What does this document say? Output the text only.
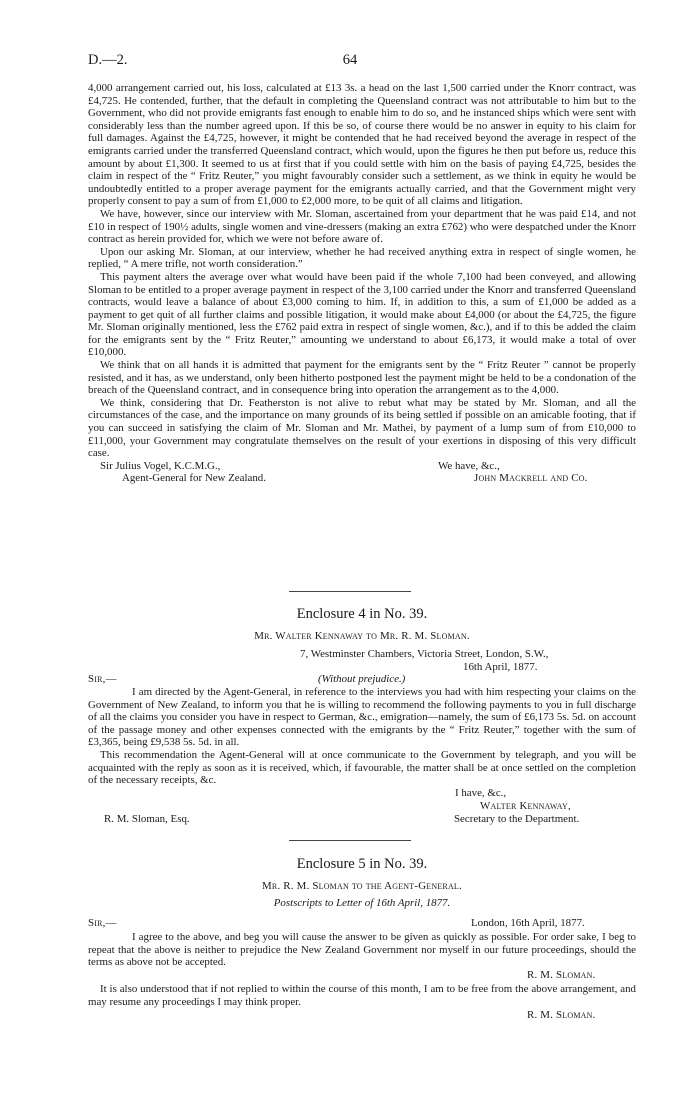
D.—2.	64

4,000 arrangement carried out, his loss, calculated at £13 3s. a head on the last 1,500 carried under the Knorr contract, was £4,725. He contended, further, that the default in completing the Queensland contract was not attributable to him but to the Government, who did not provide emigrants fast enough to enable him to do so, and he instanced ships which were sent with considerably less than the number agreed upon. If this be so, of course there would be no answer in equity to his claim for full damages. Against the £4,725, however, it might be contended that he had received beyond the average in respect of the emigrants carried under the transferred Queensland contract, which would, upon the figures he then put before us, reduce this amount by about £1,300. It seemed to us at first that if you could settle with him on the basis of paying £4,725, besides the claim in respect of the “ Fritz Reuter,” you might favourably consider such a settlement, as we think in equity he would be undoubtedly entitled to a proper average payment for the emigrants actually carried, and that the Government might very properly consent to pay a sum of from £1,000 to £2,000 more, to be quit of all claims and litigation.

We have, however, since our interview with Mr. Sloman, ascertained from your department that he was paid £14, and not £10 in respect of 190½ adults, single women and vine-dressers (making an extra £762) who were despatched under the Knorr contract as herein provided for, which we were not before aware of.

Upon our asking Mr. Sloman, at our interview, whether he had received anything extra in respect of single women, he replied, “ A mere trifle, not worth consideration.”

This payment alters the average over what would have been paid if the whole 7,100 had been conveyed, and allowing Sloman to be entitled to a proper average payment in respect of the 3,100 carried under the Knorr and transferred Queensland contracts, would leave a balance of about £3,000 coming to him. If, in addition to this, a sum of £1,000 be added as a payment to get quit of all further claims and possible litigation, it would make about £4,000 (or about the £4,725, the figure Mr. Sloman originally mentioned, less the £762 paid extra in respect of single women, &c.), and if to this be added the claim for the emigrants sent by the “ Fritz Reuter,” amounting we understand to about £6,173, it would make a total of over £10,000.

We think that on all hands it is admitted that payment for the emigrants sent by the “ Fritz Reuter ” cannot be properly resisted, and it has, as we understand, only been hitherto postponed lest the payment might be held to be a condonation of the breach of the Queensland contract, and in consequence bring into operation the arrangement as to the 4,000.

We think, considering that Dr. Featherston is not alive to rebut what may be stated by Mr. Sloman, and all the circumstances of the case, and the importance on many grounds of its being settled if possible on an amicable footing, that if you can succeed in satisfying the claim of Mr. Sloman and Mr. Mathei, by payment of a lump sum of from £10,000 to £11,000, your Government may congratulate themselves on the result of your exertions in disposing of this very difficult case.

Sir Julius Vogel, K.C.M.G.,
Agent-General for New Zealand.
We have, &c.,
John Mackrell and Co.
Enclosure 4 in No. 39.
Mr. Walter Kennaway to Mr. R. M. Sloman.
7, Westminster Chambers, Victoria Street, London, S.W.,
16th April, 1877.
Sir,—	(Without prejudice.)

I am directed by the Agent-General, in reference to the interviews you had with him respecting your claims on the Government of New Zealand, to inform you that he is willing to recommend the following payments to you in full discharge of all the claims you consider you have in respect to German, &c., emigration—namely, the sum of £6,173 5s. 5d. on account of the passage money and other expenses connected with the emigrants by the “ Fritz Reuter,” together with the sum of £3,365, being £9,538 5s. 5d. in all.

This recommendation the Agent-General will at once communicate to the Government by telegraph, and you will be acquainted with the reply as soon as it is received, which, if favourable, the matter shall be at once settled on the completion of the necessary receipts, &c.

I have, &c.,
Walter Kennaway,
R. M. Sloman, Esq.	Secretary to the Department.
Enclosure 5 in No. 39.
Mr. R. M. Sloman to the Agent-General.
Postscripts to Letter of 16th April, 1877.
Sir,—	London, 16th April, 1877.

I agree to the above, and beg you will cause the answer to be given as quickly as possible. For order sake, I beg to repeat that the above is neither to prejudice the New Zealand Government nor myself in our future proceedings, should the terms as above not be accepted.

R. M. Sloman.

It is also understood that if not replied to within the course of this month, I am to be free from the above arrangement, and may resume any proceedings I may think proper.

R. M. Sloman.
